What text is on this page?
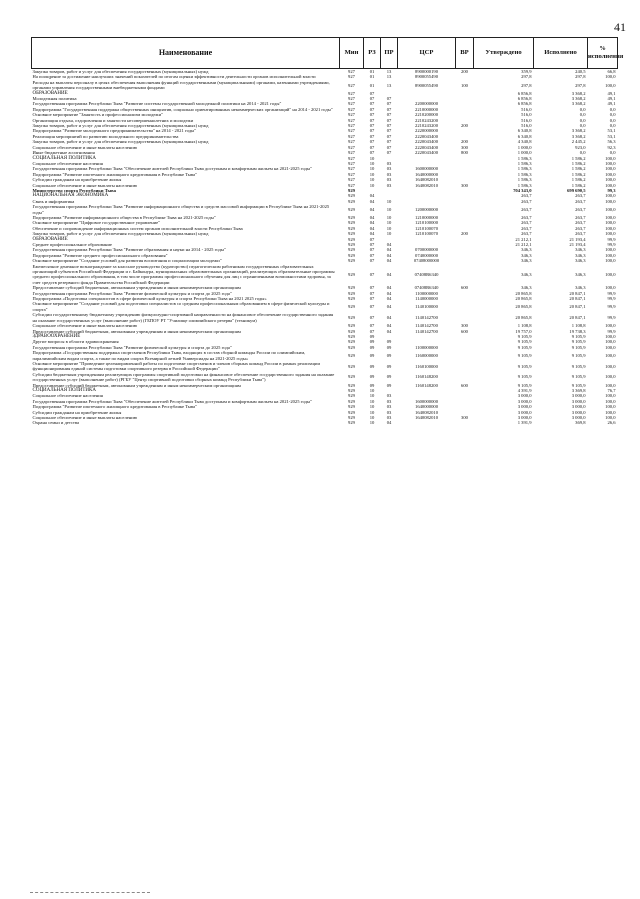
41
Наименование	Мин	РЗ	ПР	ЦСР	ВР	Утверждено	Исполнено	% исполнения
Закупка товаров, работ и услуг для обеспечения государственных (муниципальных) нужд	927	01	13	8900000190	200	359,9	240,5	66,8
На поощрение за достижение наилучших значений показателей по итогам оценки эффективности деятельности органов исполнительной власти	927	01	13	8900055490		297,8	297,8	100,0
Расходы на выплаты персоналу в целях обеспечения выполнения функций государственными (муниципальными) органами, казенными учреждениями, органами управления государственными внебюджетными фондами	927	01	13	8900055490	100	297,8	297,8	100,0
ОБРАЗОВАНИЕ	927	07				6 856,8	3 368,2	49,1
Молодежная политика	927	07	07			6 856,8	3 368,2	49,1
Государственная программа Республики Тыва "Развитие системы государственной молодежной политики на 2014 - 2021 годы"	927	07	07	2200000000		6 856,8	3 368,2	49,1
Подпрограмма "Государственная поддержка общественных инициатив, социально ориентированных некоммерческих организаций" на 2014 - 2021 годы"	927	07	07	2210000000		516,0	0,0	0,0
Основное мероприятие "Занятость и профессионализм молодежи"	927	07	07	2210200000		516,0	0,0	0,0
Организация отдыха, оздоровления и занятости несовершеннолетних и молодежи	927	07	07	2210243200		516,0	0,0	0,0
Закупка товаров, работ и услуг для обеспечения государственных (муниципальных) нужд	927	07	07	2210243200	200	516,0	0,0	0,0
Подпрограмма "Развитие молодежного предпринимательства" на 2014 - 2021 годы"	927	07	07	2220000000		6 340,8	3 368,2	53,1
Реализация мероприятий по развитию молодежного предпринимательства	927	07	07	2220043400		6 340,8	3 368,2	53,1
Закупка товаров, работ и услуг для обеспечения государственных (муниципальных) нужд	927	07	07	2220043400	200	4 340,8	2 445,2	56,3
Социальное обеспечение и иные выплаты населению	927	07	07	2220043400	300	1 000,0	923,0	92,3
Иные бюджетные ассигнования	927	07	07	2220043400	800	1 000,0	0,0	0,0
СОЦИАЛЬНАЯ ПОЛИТИКА	927	10				1 586,3	1 586,2	100,0
Социальное обеспечение населения	927	10	03			1 586,3	1 586,2	100,0
Государственная программа Республики Тыва "Обеспечение жителей Республики Тыва доступным и комфортным жильем на 2021-2025 годы"	927	10	03	1600000000		1 586,3	1 586,2	100,0
Подпрограмма "Развитие ипотечного жилищного кредитования в Республике Тыва"	927	10	03	1640000000		1 586,3	1 586,2	100,0
Субсидии гражданам на приобретение жилья	927	10	03	1640082010		1 586,3	1 586,2	100,0
Социальное обеспечение и иные выплаты населению	927	10	03	1640082010	300	1 586,3	1 586,2	100,0
Министерство спорта Республики Тыва	929					704 343,0	699 690,5	99,3
НАЦИОНАЛЬНАЯ ЭКОНОМИКА	929	04				263,7	263,7	100,0
Связь и информатика	929	04	10			263,7	263,7	100,0
Государственная программа Республики Тыва "Развитие информационного общества и средств массовой информации в Республике Тыва на 2021-2025 годы"	929	04	10	1200000000		263,7	263,7	100,0
Подпрограмма "Развитие информационного общества в Республике Тыва на 2021-2025 годы"	929	04	10	1210000000		263,7	263,7	100,0
Основное мероприятие "Цифровое государственное управление"	929	04	10	1210100000		263,7	263,7	100,0
Обеспечение и сопровождение информационных систем органов исполнительной власти Республики Тыва	929	04	10	1210100070		263,7	263,7	100,0
Закупка товаров, работ и услуг для обеспечения государственных (муниципальных) нужд	929	04	10	1210100070	200	263,7	263,7	100,0
ОБРАЗОВАНИЕ	929	07				21 212,1	21 193,4	99,9
Среднее профессиональное образование	929	07	04			21 212,1	21 193,4	99,9
Государственная программа Республики Тыва "Развитие образования и науки на 2014 - 2025 годы"	929	07	04	0700000000		346,3	346,3	100,0
Подпрограмма "Развитие среднего профессионального образования"	929	07	04	0740000000		346,3	346,3	100,0
Основное мероприятие "Создание условий для развития воспитания и социализации молодежи"	929	07	04	07408000000		346,3	346,3	100,0
Ежемесячное денежное вознаграждение за классное руководство (кураторство) педагогическим работникам государственных образовательных организаций субъектов Российской Федерации и г. Байконура, муниципальных образовательных организаций, реализующих образовательные программы среднего профессионального образования, в том числе программы профессионального обучения для лиц с ограниченными возможностями здоровья, за счет средств резервного фонда Правительства Российской Федерации	929	07	04	07408R6340		346,3	346,3	100,0
Предоставление субсидий бюджетным, автономным учреждениям и иным некоммерческим организациям	929	07	04	07408R6340	600	346,3	346,3	100,0
Государственная программа Республики Тыва "Развитие физической культуры и спорта до 2025 года"	929	07	04	1100000000		20 865,8	20 847,1	99,9
Подпрограмма «Подготовка специалистов в сфере физической культуры и спорта Республики Тыва на 2021 2025 годы»	929	07	04	1140000000		20 865,8	20 847,1	99,9
Основное мероприятие "Создание условий для подготовки специалистов со средним профессиональным образованием в сфере физической культуры и спорта"	929	07	04	1140100000		20 865,8	20 847,1	99,9
Субсидии государственному бюджетному учреждению физкультурно-спортивной направленности на финансовое обеспечение государственного задания на оказание государственных услуг (выполнение работ) (ГБПОУ РТ "Училище олимпийского резерва" (техникум)	929	07	04	1140142700		20 865,8	20 847,1	99,9
Социальное обеспечение и иные выплаты населению	929	07	04	1140142700	300	1 108,8	1 108,8	100,0
Предоставление субсидий бюджетным, автономным учреждениям и иным некоммерческим организациям	929	07	04	1140142700	600	19 757,0	19 738,3	99,9
ЗДРАВООХРАНЕНИЕ	929	09				9 105,9	9 105,9	100,0
Другие вопросы в области здравоохранения	929	09	09			9 105,9	9 105,9	100,0
Государственная программа Республики Тыва "Развитие физической культуры и спорта до 2025 года"	929	09	09	1100000000		9 105,9	9 105,9	100,0
Подпрограмма «Государственная поддержка спортсменов Республики Тыва, входящих в состав сборной команды России по олимпийским, паралимпийским видам спорта, а также по видам спорта Всемирной летней Универсиады на 2021-2025 годы»	929	09	09	1160000000		9 105,9	9 105,9	100,0
Основное мероприятие "Проведение целенаправленной работы по подготовке спортсменов и членов сборных команд России в рамках реализации функционирования единой системы подготовки спортивного резерва в Российской Федерации"	929	09	09	1160100000		9 105,9	9 105,9	100,0
Субсидии бюджетным учреждениям реализующих программы спортивной подготовки на финансовое обеспечение государственного задания на оказание государственных услуг (выполнение работ) (РГБУ "Центр спортивной подготовки сборных команд Республики Тыва")	929	09	09	1160148200		9 105,9	9 105,9	100,0
Предоставление субсидий бюджетным, автономным учреждениям и иным некоммерческим организациям	929	09	09	1160148200	600	9 105,9	9 105,9	100,0
СОЦИАЛЬНАЯ ПОЛИТИКА	929	10				4 391,9	3 369,8	76,7
Социальное обеспечение населения	929	10	03			3 000,0	3 000,0	100,0
Государственная программа Республики Тыва "Обеспечение жителей Республики Тыва доступным и комфортным жильем на 2021-2025 годы"	929	10	03	1600000000		3 000,0	3 000,0	100,0
Подпрограмма "Развитие ипотечного жилищного кредитования в Республике Тыва"	929	10	03	1640000000		3 000,0	3 000,0	100,0
Субсидии гражданам на приобретение жилья	929	10	03	1640082010		3 000,0	3 000,0	100,0
Социальное обеспечение и иные выплаты населению	929	10	03	1640082010	300	3 000,0	3 000,0	100,0
Охрана семьи и детства	929	10	04			1 391,9	369,8	26,6
